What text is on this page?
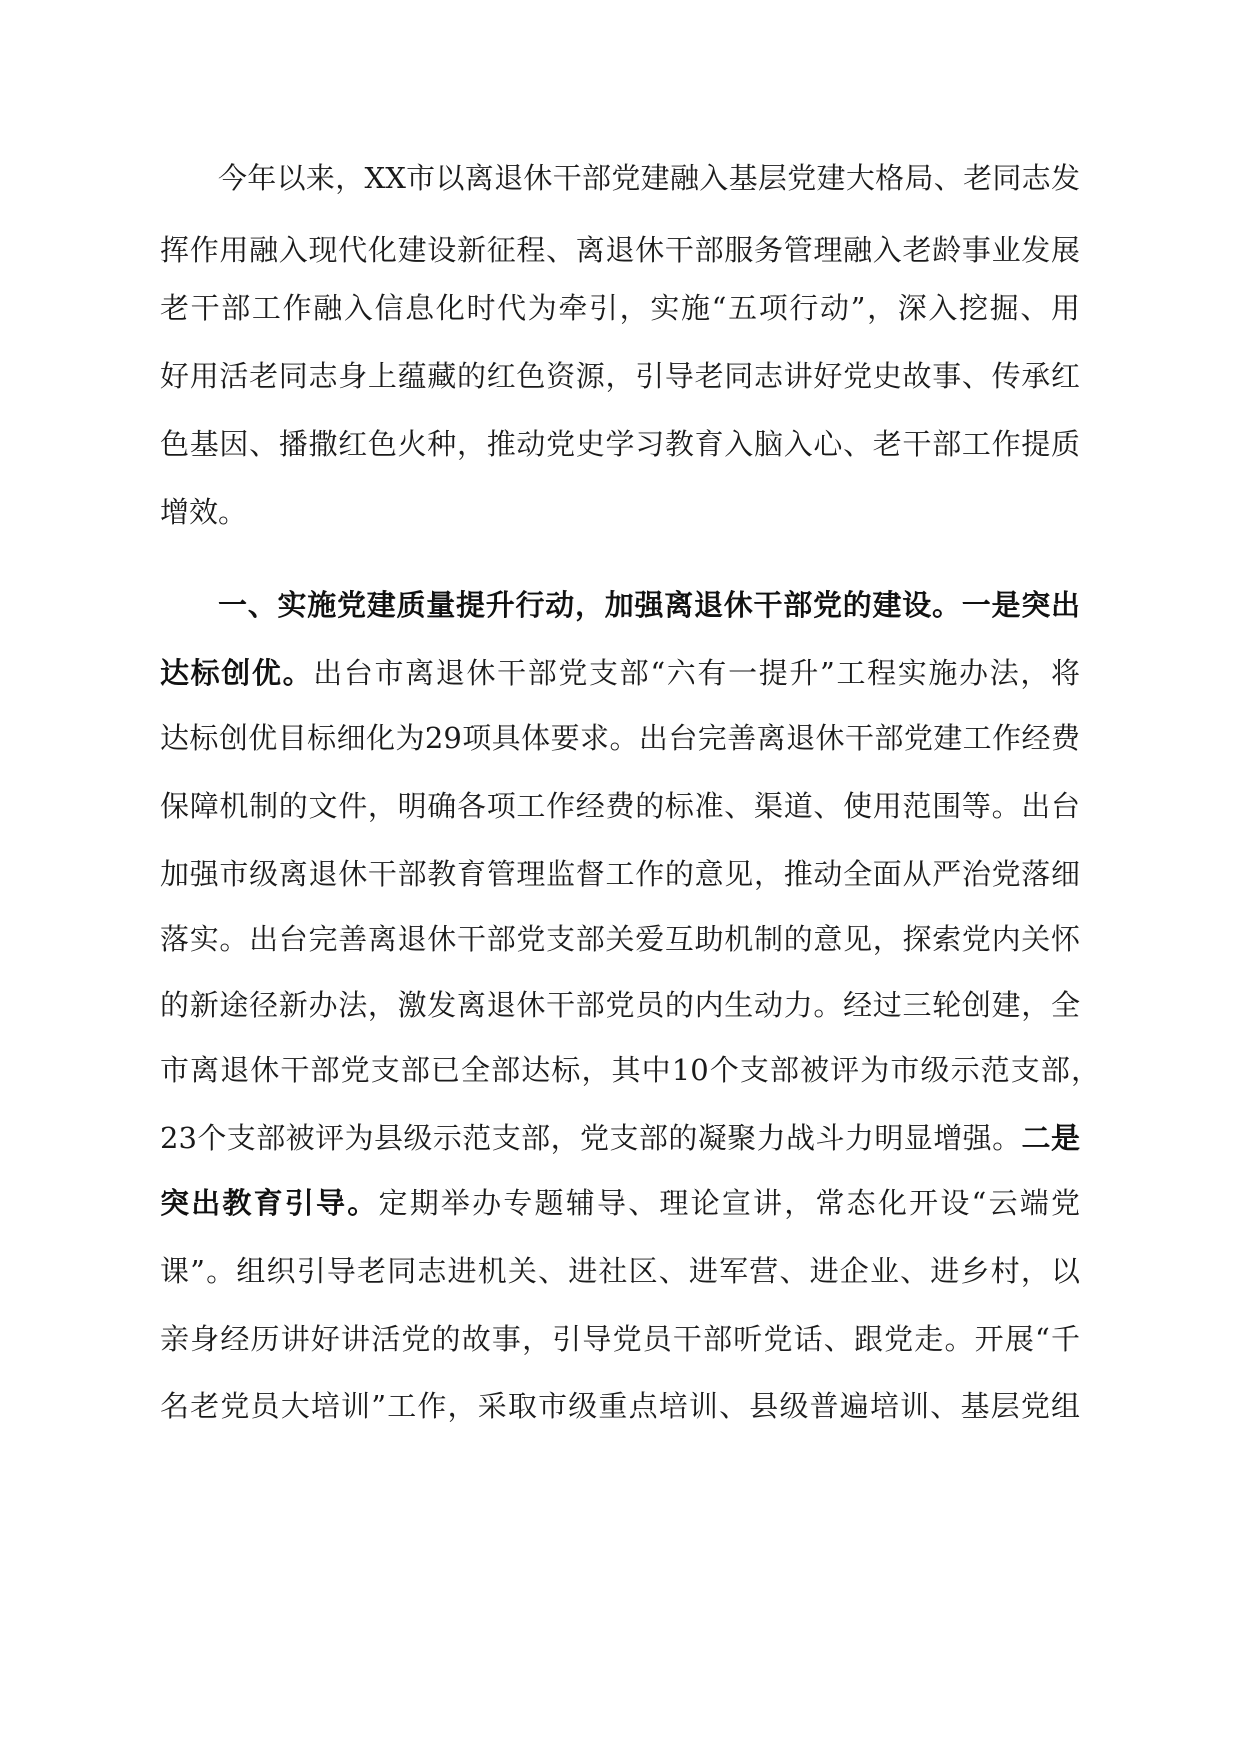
今年以来，XX市以离退休干部党建融入基层党建大格局、老同志发
挥作用融入现代化建设新征程、离退休干部服务管理融入老龄事业发展
老干部工作融入信息化时代为牵引，实施“五项行动”，深入挖掘、用
好用活老同志身上蕴藏的红色资源，引导老同志讲好党史故事、传承红
色基因、播撒红色火种，推动党史学习教育入脑入心、老干部工作提质
增效。
一、实施党建质量提升行动，加强离退休干部党的建设。一是突出
达标创优。出台市离退休干部党支部“六有一提升”工程实施办法，将
达标创优目标细化为29项具体要求。出台完善离退休干部党建工作经费
保障机制的文件，明确各项工作经费的标准、渠道、使用范围等。出台
加强市级离退休干部教育管理监督工作的意见，推动全面从严治党落细
落实。出台完善离退休干部党支部关爱互助机制的意见，探索党内关怀
的新途径新办法，激发离退休干部党员的内生动力。经过三轮创建，全
市离退休干部党支部已全部达标，其中10个支部被评为市级示范支部，
23个支部被评为县级示范支部，党支部的凝聚力战斗力明显增强。二是
突出教育引导。定期举办专题辅导、理论宣讲，常态化开设“云端党
课”。组织引导老同志进机关、进社区、进军营、进企业、进乡村，以
亲身经历讲好讲活党的故事，引导党员干部听党话、跟党走。开展“千
名老党员大培训”工作，采取市级重点培训、县级普遍培训、基层党组
